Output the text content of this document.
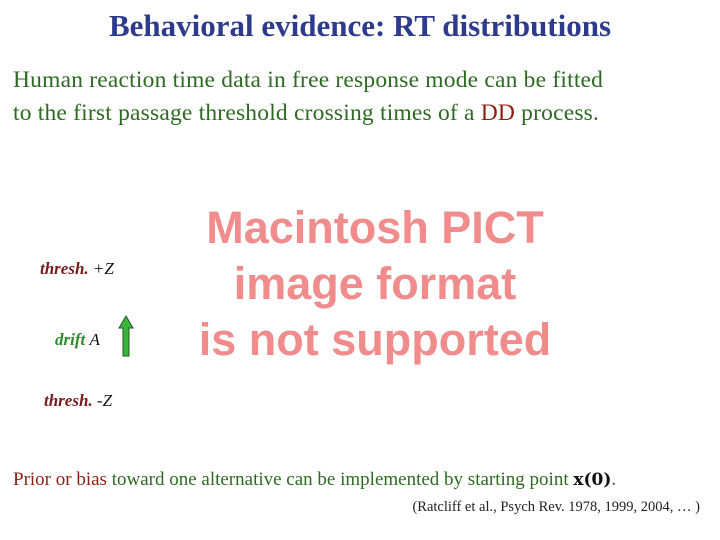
Behavioral evidence: RT distributions
Human reaction time data in free response mode can be fitted
to the first passage threshold crossing times of a DD process.
Macintosh PICT
image format
is not supported
thresh. +Z
drift A
thresh. -Z
Prior or bias toward one alternative can be implemented by starting point x(0).
(Ratcliff et al., Psych Rev. 1978, 1999, 2004, … )
